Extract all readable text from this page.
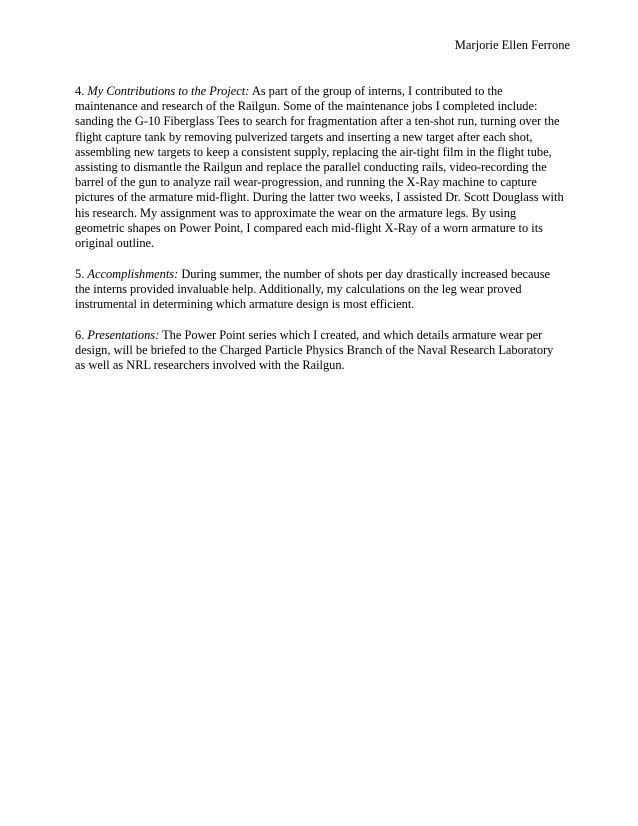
Marjorie Ellen Ferrone

4. My Contributions to the Project: As part of the group of interns, I contributed to the maintenance and research of the Railgun. Some of the maintenance jobs I completed include: sanding the G-10 Fiberglass Tees to search for fragmentation after a ten-shot run, turning over the flight capture tank by removing pulverized targets and inserting a new target after each shot, assembling new targets to keep a consistent supply, replacing the air-tight film in the flight tube, assisting to dismantle the Railgun and replace the parallel conducting rails, video-recording the barrel of the gun to analyze rail wear-progression, and running the X-Ray machine to capture pictures of the armature mid-flight. During the latter two weeks, I assisted Dr. Scott Douglass with his research. My assignment was to approximate the wear on the armature legs. By using geometric shapes on Power Point, I compared each mid-flight X-Ray of a worn armature to its original outline.

5. Accomplishments: During summer, the number of shots per day drastically increased because the interns provided invaluable help. Additionally, my calculations on the leg wear proved instrumental in determining which armature design is most efficient.

6. Presentations: The Power Point series which I created, and which details armature wear per design, will be briefed to the Charged Particle Physics Branch of the Naval Research Laboratory as well as NRL researchers involved with the Railgun.
